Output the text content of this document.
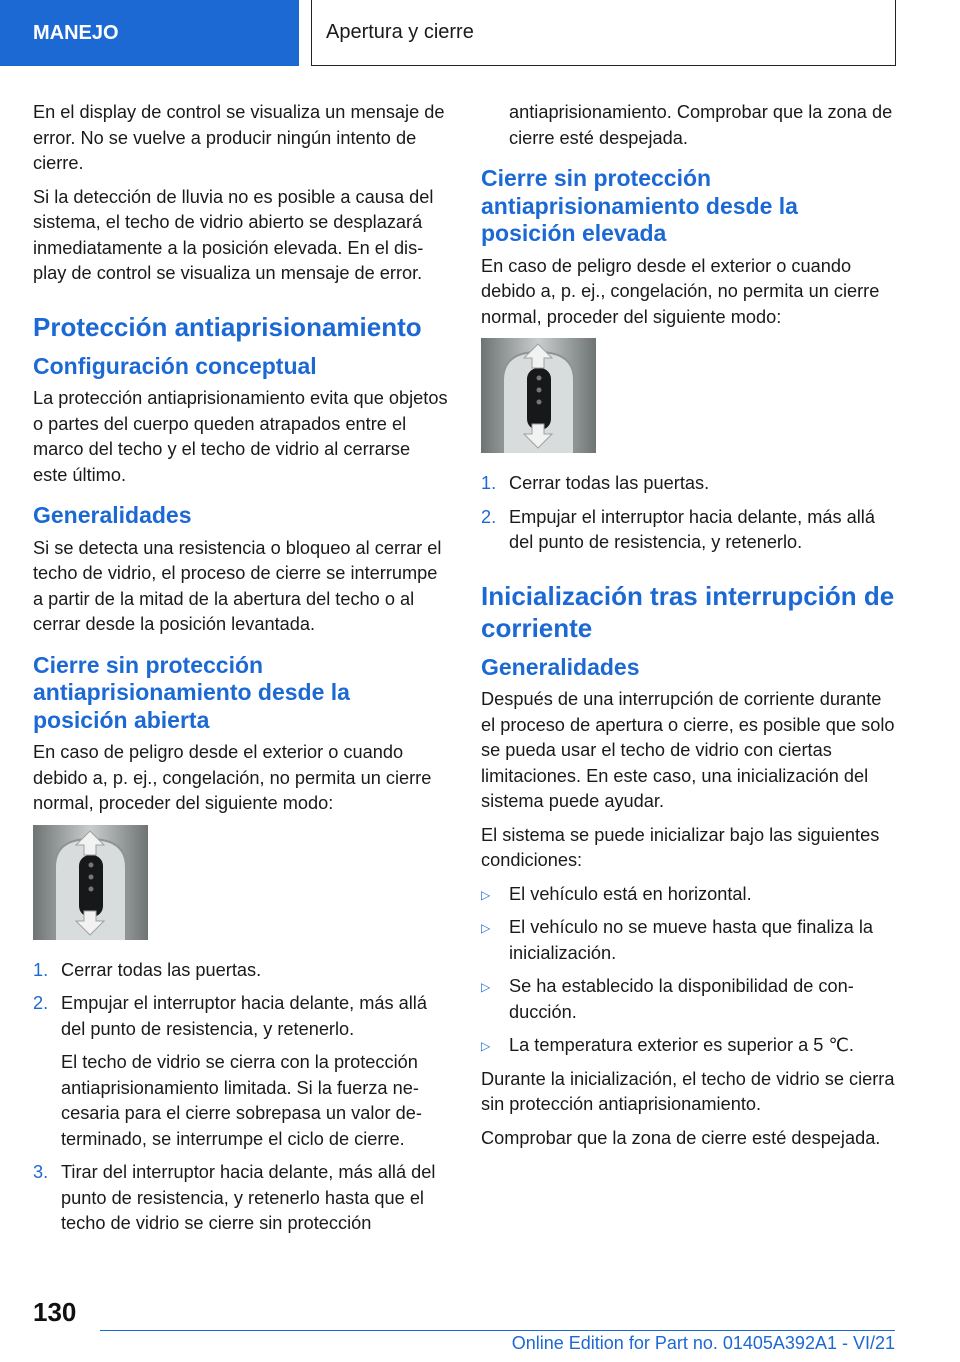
MANEJO	Apertura y cierre

En el display de control se visualiza un mensaje de error. No se vuelve a producir ningún intento de cierre.

Si la detección de lluvia no es posible a causa del sistema, el techo de vidrio abierto se desplazará inmediatamente a la posición elevada. En el display de control se visualiza un mensaje de error.

Protección antiaprisionamiento
Configuración conceptual

La protección antiaprisionamiento evita que objetos o partes del cuerpo queden atrapados entre el marco del techo y el techo de vidrio al cerrarse este último.

Generalidades

Si se detecta una resistencia o bloqueo al cerrar el techo de vidrio, el proceso de cierre se interrumpe a partir de la mitad de la abertura del techo o al cerrar desde la posición levantada.

Cierre sin protección antiaprisionamiento desde la posición abierta

En caso de peligro desde el exterior o cuando debido a, p. ej., congelación, no permita un cierre normal, proceder del siguiente modo:

1. Cerrar todas las puertas.
2. Empujar el interruptor hacia delante, más allá del punto de resistencia, y retenerlo.
El techo de vidrio se cierra con la protección antiaprisionamiento limitada. Si la fuerza necesaria para el cierre sobrepasa un valor determinado, se interrumpe el ciclo de cierre.
3. Tirar del interruptor hacia delante, más allá del punto de resistencia, y retenerlo hasta que el techo de vidrio se cierre sin protección

antiaprisionamiento. Comprobar que la zona de cierre esté despejada.

Cierre sin protección antiaprisionamiento desde la posición elevada

En caso de peligro desde el exterior o cuando debido a, p. ej., congelación, no permita un cierre normal, proceder del siguiente modo:

1. Cerrar todas las puertas.
2. Empujar el interruptor hacia delante, más allá del punto de resistencia, y retenerlo.
Inicialización tras interrupción de corriente
Generalidades

Después de una interrupción de corriente durante el proceso de apertura o cierre, es posible que solo se pueda usar el techo de vidrio con ciertas limitaciones. En este caso, una inicialización del sistema puede ayudar.

El sistema se puede inicializar bajo las siguientes condiciones:

▷ El vehículo está en horizontal.
▷ El vehículo no se mueve hasta que finaliza la inicialización.
▷ Se ha establecido la disponibilidad de conducción.
▷ La temperatura exterior es superior a 5 ℃.

Durante la inicialización, el techo de vidrio se cierra sin protección antiaprisionamiento.

Comprobar que la zona de cierre esté despejada.

130
Online Edition for Part no. 01405A392A1 - VI/21
